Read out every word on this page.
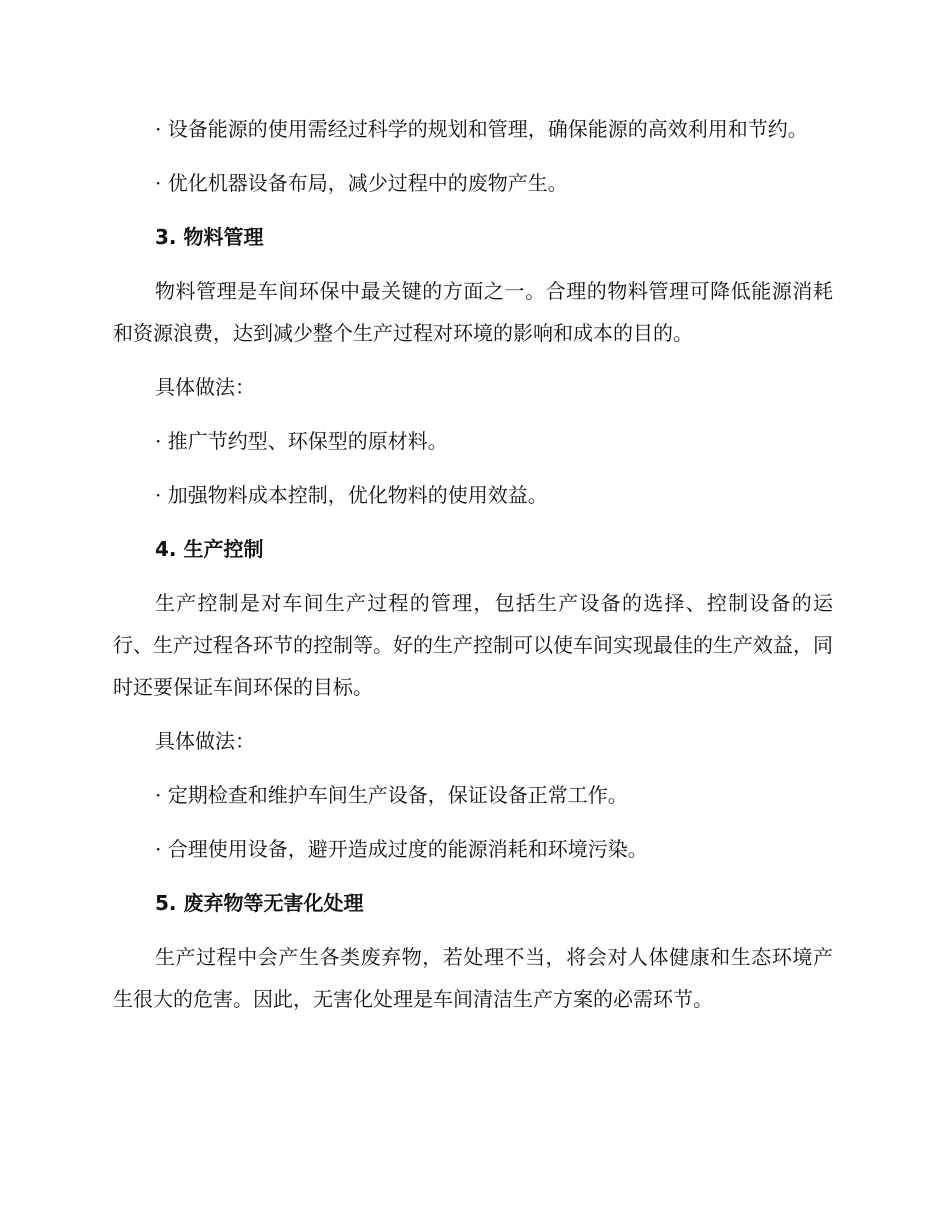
· 设备能源的使用需经过科学的规划和管理，确保能源的高效利用和节约。

· 优化机器设备布局，减少过程中的废物产生。

3. 物料管理

物料管理是车间环保中最关键的方面之一。合理的物料管理可降低能源消耗和资源浪费，达到减少整个生产过程对环境的影响和成本的目的。

具体做法：

· 推广节约型、环保型的原材料。

· 加强物料成本控制，优化物料的使用效益。

4. 生产控制

生产控制是对车间生产过程的管理，包括生产设备的选择、控制设备的运行、生产过程各环节的控制等。好的生产控制可以使车间实现最佳的生产效益，同时还要保证车间环保的目标。

具体做法：

· 定期检查和维护车间生产设备，保证设备正常工作。

· 合理使用设备，避开造成过度的能源消耗和环境污染。

5. 废弃物等无害化处理

生产过程中会产生各类废弃物，若处理不当，将会对人体健康和生态环境产生很大的危害。因此，无害化处理是车间清洁生产方案的必需环节。
